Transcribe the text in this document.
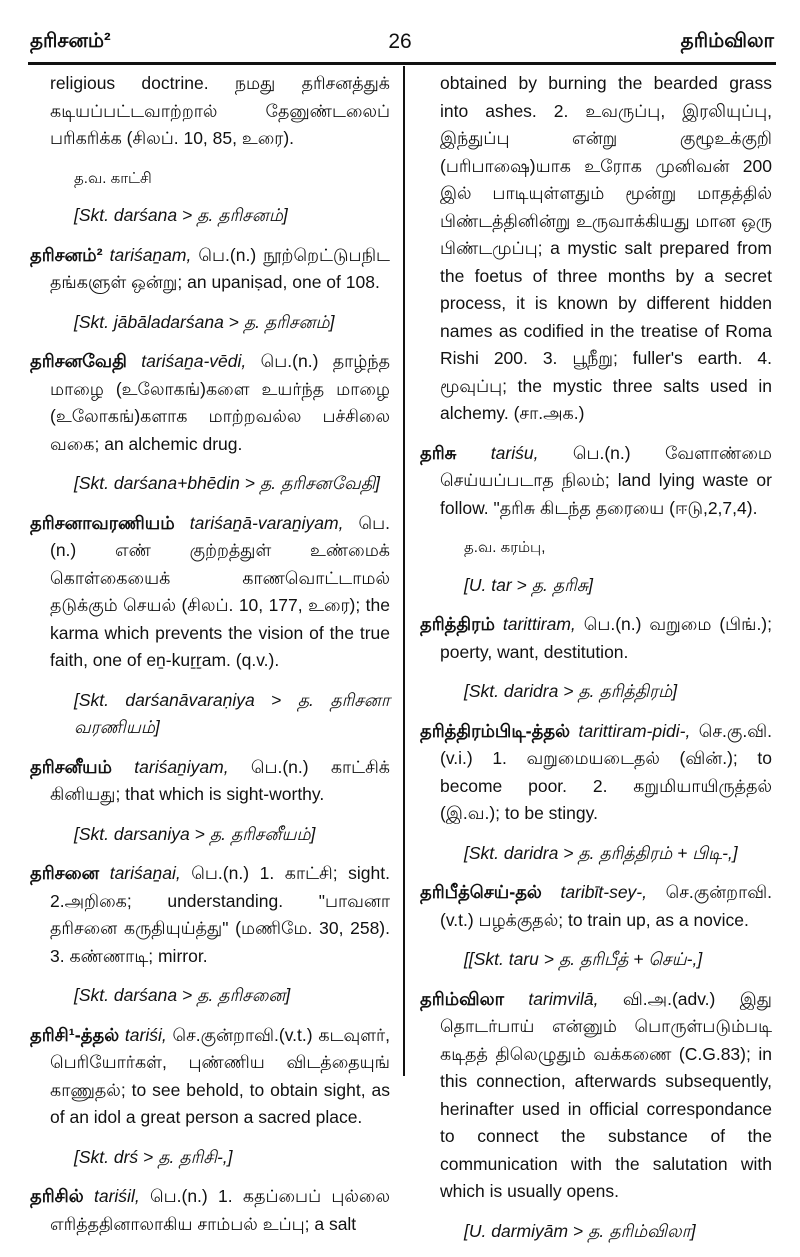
தரிசனம்²	26	தரிம்விலா

religious doctrine. நமது தரிசனத்துக் கடியப்பட்டவாற்றால் தேனுண்டலைப் பரிகரிக்க (சிலப். 10, 85, உரை).

த.வ. காட்சி

[Skt. darśana > த. தரிசனம்]

தரிசனம்² tariśaṉam, பெ.(n.) நூற்றெட்டுபநிட தங்களுள் ஒன்று; an upaniṣad, one of 108.

[Skt. jābāladarśana > த. தரிசனம்]

தரிசனவேதி tariśaṉa-vēdi, பெ.(n.) தாழ்ந்த மாழை (உலோகங்)களை உயர்ந்த மாழை (உலோகங்)களாக மாற்றவல்ல பச்சிலை வகை; an alchemic drug.

[Skt. darśana+bhēdin > த. தரிசனவேதி]

தரிசனாவரணியம் tariśaṉā-varaṉiyam, பெ.(n.) எண் குற்றத்துள் உண்மைக் கொள்கையைக் காணவொட்டாமல் தடுக்கும் செயல் (சிலப். 10, 177, உரை); the karma which prevents the vision of the true faith, one of eṉ-kuṟṟam. (q.v.).

[Skt. darśanāvaraṇiya > த. தரிசனா வரணியம்]

தரிசனீயம் tariśaṉiyam, பெ.(n.) காட்சிக் கினியது; that which is sight-worthy.

[Skt. darsaniya > த. தரிசனீயம்]

தரிசனை tariśaṉai, பெ.(n.) 1. காட்சி; sight. 2.அறிகை; understanding. "பாவனா தரிசனை கருதியுய்த்து" (மணிமே. 30, 258). 3. கண்ணாடி; mirror.

[Skt. darśana > த. தரிசனை]

தரிசி¹-த்தல் tariśi, செ.குன்றாவி.(v.t.) கடவுளர், பெரியோர்கள், புண்ணிய விடத்தையுங் காணுதல்; to see behold, to obtain sight, as of an idol a great person a sacred place.

[Skt. drś > த. தரிசி-,]

தரிசில் tariśil, பெ.(n.) 1. கதப்பைப் புல்லை எரித்ததினாலாகிய சாம்பல் உப்பு; a salt

obtained by burning the bearded grass into ashes. 2. உவருப்பு, இரலியுப்பு, இந்துப்பு என்று குழூஉக்குறி (பரிபாஷை)யாக உரோக முனிவன் 200 இல் பாடியுள்ளதும் மூன்று மாதத்தில் பிண்டத்தினின்று உருவாக்கியது மான ஒரு பிண்டமுப்பு; a mystic salt prepared from the foetus of three months by a secret process, it is known by different hidden names as codified in the treatise of Roma Rishi 200. 3. பூநீறு; fuller's earth. 4. மூவுப்பு; the mystic three salts used in alchemy. (சா.அக.)

தரிசு tariśu, பெ.(n.) வேளாண்மை செய்யப்படாத நிலம்; land lying waste or follow. "தரிசு கிடந்த தரையை (ஈடு,2,7,4).

த.வ. கரம்பு,

[U. tar > த. தரிசு]

தரித்திரம் tarittiram, பெ.(n.) வறுமை (பிங்.); poerty, want, destitution.

[Skt. daridra > த. தரித்திரம்]

தரித்திரம்பிடி-த்தல் tarittiram-pidi-, செ.கு.வி.(v.i.) 1. வறுமையடைதல் (வின்.); to become poor. 2. கறுமியாயிருத்தல் (இ.வ.); to be stingy.

[Skt. daridra > த. தரித்திரம் + பிடி-,]

தரிபீத்செய்-தல் taribīt-sey-, செ.குன்றாவி. (v.t.) பழக்குதல்; to train up, as a novice.

[[Skt. taru > த. தரிபீத் + செய்-,]

தரிம்விலா tarimvilā, வி.அ.(adv.) இது தொடர்பாய் என்னும் பொருள்படும்படி கடிதத் திலெழுதும் வக்கணை (C.G.83); in this connection, afterwards subsequently, herinafter used in official correspondance to connect the substance of the communication with the salutation with which is usually opens.

[U. darmiyām > த. தரிம்விலா]
